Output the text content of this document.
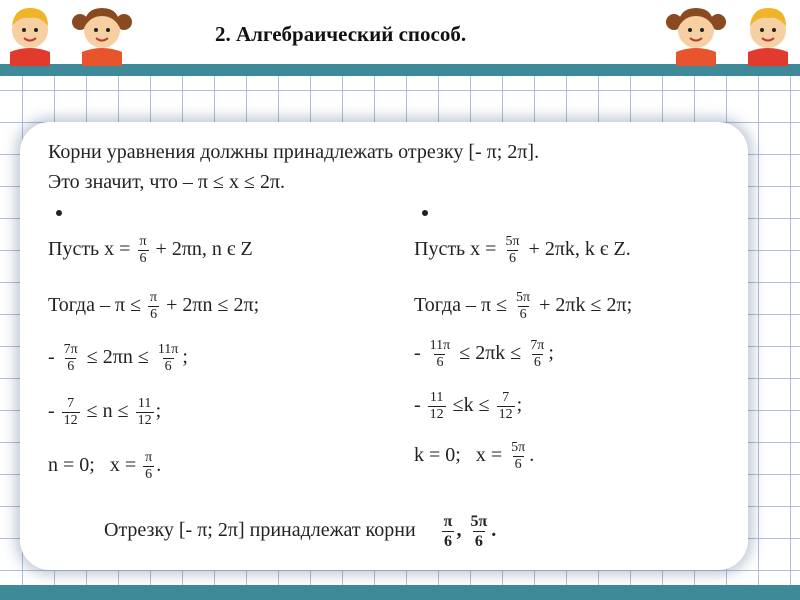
2. Алгебраический способ.
Корни уравнения должны принадлежать отрезку [- π; 2π].
Это значит, что – π ≤ x ≤ 2π.
Пусть $x = \frac{\pi}{6} + 2\pi n$, n є Z
Тогда – $\pi \le \frac{\pi}{6} + 2\pi n \le 2\pi$;
- $\frac{7\pi}{6} \le 2\pi n \le \frac{11\pi}{6}$ ;
- $\frac{7}{12} \le n \le \frac{11}{12}$ ;
n = 0;   $x = \frac{\pi}{6}$ .
Пусть $x = \frac{5\pi}{6} + 2\pi k$, k є Z.
Тогда – $\pi \le \frac{5\pi}{6} + 2\pi k \le 2\pi$;
- $\frac{11\pi}{6} \le 2\pi k \le \frac{7\pi}{6}$ ;
- $\frac{11}{12} \le k \le \frac{7}{12}$ ;
k = 0;   $x = \frac{5\pi}{6}$ .
Отрезку [- π; 2π] принадлежат корни $\frac{\pi}{6}$ , $\frac{5\pi}{6}$ .
